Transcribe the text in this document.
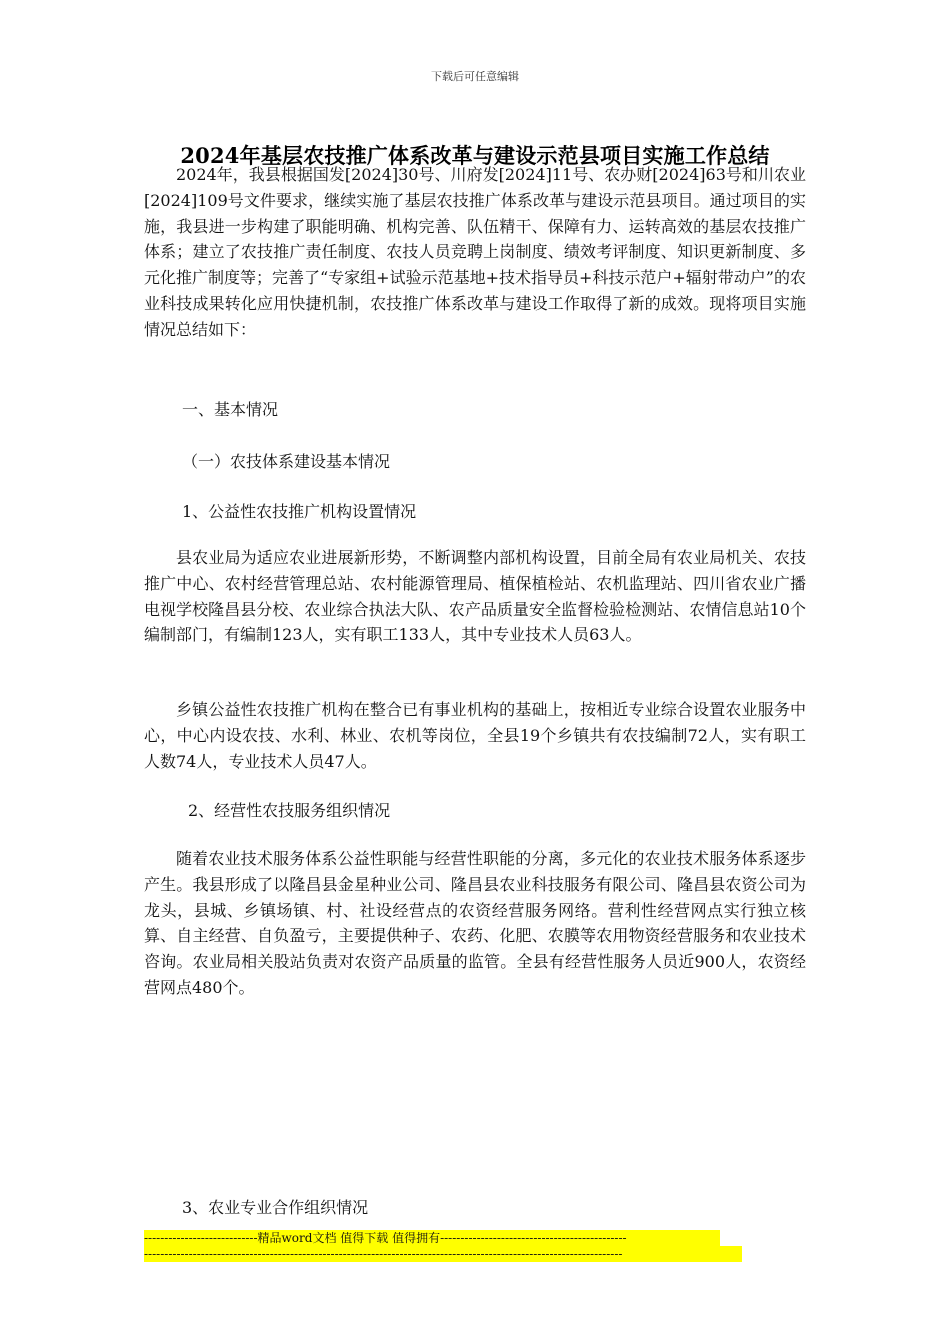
下载后可任意编辑
2024年基层农技推广体系改革与建设示范县项目实施工作总结

2024年，我县根据国发[2024]30号、川府发[2024]11号、农办财[2024]63号和川农业[2024]109号文件要求，继续实施了基层农技推广体系改革与建设示范县项目。通过项目的实施，我县进一步构建了职能明确、机构完善、队伍精干、保障有力、运转高效的基层农技推广体系；建立了农技推广责任制度、农技人员竞聘上岗制度、绩效考评制度、知识更新制度、多元化推广制度等；完善了“专家组+试验示范基地+技术指导员+科技示范户+辐射带动户”的农业科技成果转化应用快捷机制，农技推广体系改革与建设工作取得了新的成效。现将项目实施情况总结如下：

一、基本情况
（一）农技体系建设基本情况
1、公益性农技推广机构设置情况

县农业局为适应农业进展新形势，不断调整内部机构设置，目前全局有农业局机关、农技推广中心、农村经营管理总站、农村能源管理局、植保植检站、农机监理站、四川省农业广播电视学校隆昌县分校、农业综合执法大队、农产品质量安全监督检验检测站、农情信息站10个编制部门，有编制123人，实有职工133人，其中专业技术人员63人。

乡镇公益性农技推广机构在整合已有事业机构的基础上，按相近专业综合设置农业服务中心，中心内设农技、水利、林业、农机等岗位，全县19个乡镇共有农技编制72人，实有职工人数74人，专业技术人员47人。

2、经营性农技服务组织情况

随着农业技术服务体系公益性职能与经营性职能的分离，多元化的农业技术服务体系逐步产生。我县形成了以隆昌县金星种业公司、隆昌县农业科技服务有限公司、隆昌县农资公司为龙头，县城、乡镇场镇、村、社设经营点的农资经营服务网络。营利性经营网点实行独立核算、自主经营、自负盈亏，主要提供种子、农药、化肥、农膜等农用物资经营服务和农业技术咨询。农业局相关股站负责对农资产品质量的监管。全县有经营性服务人员近900人，农资经营网点480个。

3、农业专业合作组织情况
----------------------------精品word文档 值得下载 值得拥有----------------------------------------------
----------------------------------------------------------------------------------------------------------------------
